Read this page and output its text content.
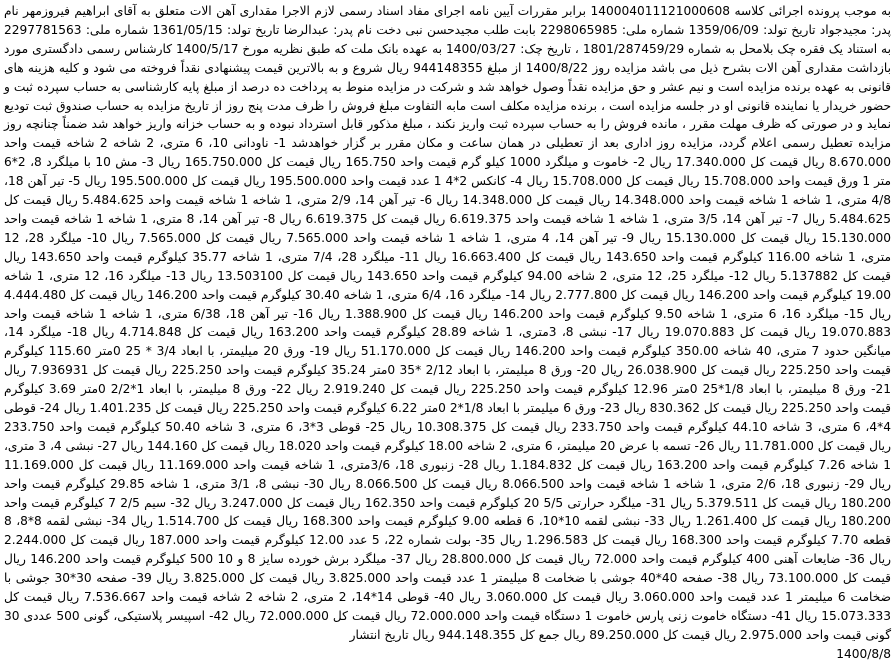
به موجب پرونده اجرائی کلاسه 140004011121000608 برابر مقررات آیین نامه اجرای مفاد اسناد رسمی لازم الاجرا مقداری آهن الات متعلق به آقای ابراهیم فیروزمهر نام پدر: مجیدجواد تاریخ تولد: 1359/06/09 شماره ملی: 2298065985 بابت طلب مجیدحسن نبی دخت نام پدر: عبدالرضا تاریخ تولد: 1361/05/15 شماره ملی: 2297781563 به استناد یک فقره چک بلامحل به شماره 1801/287459/29 ، تاریخ چک: 1400/03/27 به عهده بانک ملت که طبق نظریه مورخ 1400/5/17 کارشناس رسمی دادگستری مورد بازداشت مقداری آهن الات بشرح ذیل می باشد مزایده روز 1400/8/22 از مبلغ 944148355 ریال شروع و به بالاترین قیمت پیشنهادی نقداً فروخته می شود و کلیه هزینه های قانونی به عهده برنده مزایده است و نیم عشر و حق مزایده نقداً وصول خواهد شد و شرکت در مزایده منوط به پرداخت ده درصد از مبلغ پایه کارشناسی به حساب سپرده ثبت و حضور خریدار یا نماینده قانونی او در جلسه مزایده است ، برنده مزایده مکلف است مابه التفاوت مبلغ فروش را ظرف مدت پنج روز از تاریخ مزایده به حساب صندوق ثبت تودیع نماید و در صورتی که ظرف مهلت مقرر ، مانده فروش را به حساب سپرده ثبت واریز نکند ، مبلغ مذکور قابل استرداد نبوده و به حساب خزانه واریز خواهد شد ضمناً چنانچه روز مزایده تعطیل رسمی اعلام گردد، مزایده روز اداری بعد از تعطیلی در همان ساعت و مکان مقرر بر گزار خواهدشد 1- ناودانی 10، 6 متری، 2 شاخه 2 شاخه قیمت واحد 8.670.000 ریال قیمت کل 17.340.000 ریال 2- خاموت و میلگرد 1000 کیلو گرم قیمت واحد 165.750 ریال قیمت کل 165.750.000 ریال 3- مش 10 با میلگرد 8، 2*6 متر 1 ورق قیمت واحد 15.708.000 ریال قیمت کل 15.708.000 ریال 4- کانکس 2*4 1 عدد قیمت واحد 195.500.000 ریال قیمت کل 195.500.000 ریال 5- تیر آهن 18، 4/8 متری، 1 شاخه 1 شاخه قیمت واحد 14.348.000 ریال قیمت کل 14.348.000 ریال 6- تیر آهن 14، 2/9 متری، 1 شاخه 1 شاخه قیمت واحد 5.484.625 ریال قیمت کل 5.484.625 ریال 7- تیر آهن 14، 3/5 متری، 1 شاخه 1 شاخه قیمت واحد 6.619.375 ریال قیمت کل 6.619.375 ریال 8- تیر آهن 14، 8 متری، 1 شاخه 1 شاخه قیمت واحد 15.130.000 ریال قیمت کل 15.130.000 ریال 9- تیر آهن 14، 4 متری، 1 شاخه 1 شاخه قیمت واحد 7.565.000 ریال قیمت کل 7.565.000 ریال 10- میلگرد 28، 12 متری، 1 شاخه 116.00 کیلوگرم قیمت واحد 143.650 ریال قیمت کل 16.663.400 ریال 11- میلگرد 28، 7/4 متری، 1 شاخه 35.77 کیلوگرم قیمت واحد 143.650 ریال قیمت کل 5.137882 ریال 12- میلگرد 25، 12 متری، 2 شاخه 94.00 کیلوگرم قیمت واحد 143.650 ریال قیمت کل 13.503100 ریال 13- میلگرد 16، 12 متری، 1 شاخه 19.00 کیلوگرم قیمت واحد 146.200 ریال قیمت کل 2.777.800 ریال 14- میلگرد 16، 6/4 متری، 1 شاخه 30.40 کیلوگرم قیمت واحد 146.200 ریال قیمت کل 4.444.480 ریال 15- میلگرد 16، 6 متری، 1 شاخه 9.50 کیلوگرم قیمت واحد 146.200 ریال قیمت کل 1.388.900 ریال 16- تیر آهن 18، 6/38 متری، 1 شاخه 1 شاخه قیمت واحد 19.070.883 ریال قیمت کل 19.070.883 ریال 17- نبشی 8، 3متری، 1 شاخه 28.89 کیلوگرم قیمت واحد 163.200 ریال قیمت کل 4.714.848 ریال 18- میلگرد 14، میانگین حدود 7 متری، 40 شاخه 350.00 کیلوگرم قیمت واحد 146.200 ریال قیمت کل 51.170.000 ریال 19- ورق 20 میلیمتر، با ابعاد 3/4 * 25 0متر 115.60 کیلوگرم قیمت واحد 225.250 ریال قیمت کل 26.038.900 ریال 20- ورق 8 میلیمتر، با ابعاد 2/12 *35 0متر 35.24 کیلوگرم قیمت واحد 225.250 ریال قیمت کل 7.936931 ریال 21- ورق 8 میلیمتر، با ابعاد 1/8*25 0متر 12.96 کیلوگرم قیمت واحد 225.250 ریال قیمت کل 2.919.240 ریال 22- ورق 8 میلیمتر، با ابعاد 1*2/2 0متر 3.69 کیلوگرم قیمت واحد 225.250 ریال قیمت کل 830.362 ریال 23- ورق 6 میلیمتر با ابعاد 1/8*2 0متر 6.22 کیلوگرم قیمت واحد 225.250 ریال قیمت کل 1.401.235 ریال 24- قوطی 4*4، 6 متری، 3 شاخه 44.10 کیلوگرم قیمت واحد 233.750 ریال قیمت کل 10.308.375 ریال 25- قوطی 3*3، 6 متری، 3 شاخه 50.40 کیلوگرم قیمت واحد 233.750 ریال قیمت کل 11.781.000 ریال 26- تسمه با عرض 20 میلیمتر، 6 متری، 2 شاخه 18.00 کیلوگرم قیمت واحد 18.020 ریال قیمت کل 144.160 ریال 27- نبشی 4، 3 متری، 1 شاخه 7.26 کیلوگرم قیمت واحد 163.200 ریال قیمت کل 1.184.832 ریال 28- زنبوری 18، 3/6متری، 1 شاخه قیمت واحد 11.169.000 ریال قیمت کل 11.169.000 ریال 29- زنبوری 18، 2/6 متری، 1 شاخه 1 شاخه قیمت واحد 8.066.500 ریال قیمت کل 8.066.500 ریال 30- نبشی 8، 3/1 متری، 1 شاخه 29.85 کیلوگرم قیمت واحد 180.200 ریال قیمت کل 5.379.511 ریال 31- میلگرد حرارتی 5/5 20 کیلوگرم قیمت واحد 162.350 ریال قیمت کل 3.247.000 ریال 32- سیم 2/5 7 کیلوگرم قیمت واحد 180.200 ریال قیمت کل 1.261.400 ریال 33- نبشی لقمه 10*10، 6 قطعه 9.00 کیلوگرم قیمت واحد 168.300 ریال قیمت کل 1.514.700 ریال 34- نبشی لقمه 8*8، 8 قطعه 7.70 کیلوگرم قیمت واحد 168.300 ریال قیمت کل 1.296.583 ریال 35- بولت شماره 22، 5 عدد 12.00 کیلوگرم قیمت واحد 187.000 ریال قیمت کل 2.244.000 ریال 36- ضایعات آهنی 400 کیلوگرم قیمت واحد 72.000 ریال قیمت کل 28.800.000 ریال 37- میلگرد برش خورده سایز 8 و 10 500 کیلوگرم قیمت واحد 146.200 ریال قیمت کل 73.100.000 ریال 38- صفحه 40*40 جوشی با ضخامت 8 میلیمتر 1 عدد قیمت واحد 3.825.000 ریال قیمت کل 3.825.000 ریال 39- صفحه 30*30 جوشی با ضخامت 6 میلیمتر 1 عدد قیمت واحد 3.060.000 ریال قیمت کل 3.060.000 ریال 40- قوطی 14*14، 2 متری، 2 شاخه 2 شاخه قیمت واحد 7.536.667 ریال قیمت کل 15.073.333 ریال 41- دستگاه خاموت زنی پارس خاموت 1 دستگاه قیمت واحد 72.000.000 ریال قیمت کل 72.000.000 ریال 42- اسپیسر پلاستیکی، گونی 500 عددی 30 گونی قیمت واحد 2.975.000 ریال قیمت کل 89.250.000 ریال جمع کل 944.148.355 ریال تاریخ انتشار

1400/8/8
